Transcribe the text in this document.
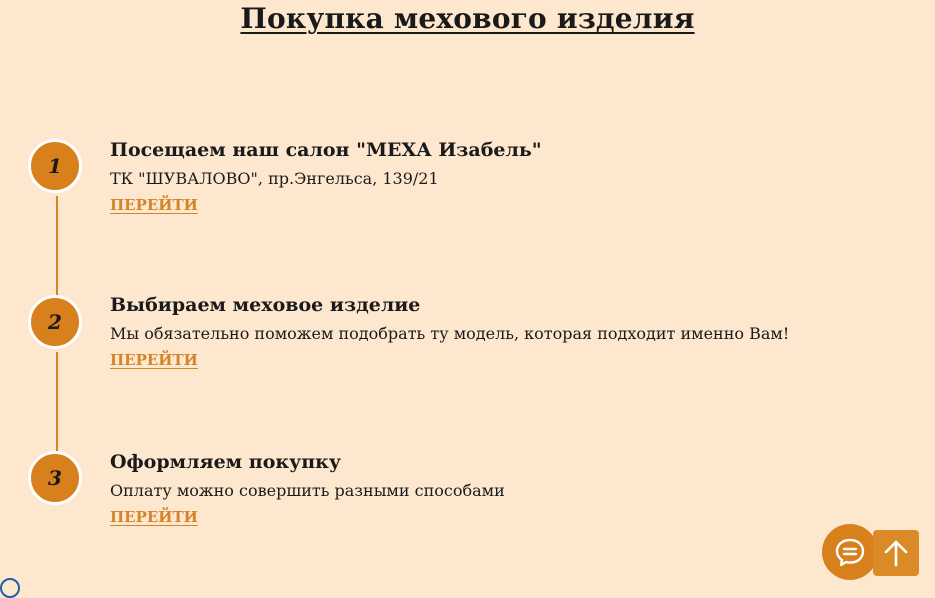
Покупка мехового изделия
1
Посещаем наш салон "МЕХА Изабель"
ТК "ШУВАЛОВО", пр.Энгельса, 139/21
ПЕРЕЙТИ
2
Выбираем меховое изделие
Мы обязательно поможем подобрать ту модель, которая подходит именно Вам!
ПЕРЕЙТИ
3
Оформляем покупку
Оплату можно совершить разными способами
ПЕРЕЙТИ
